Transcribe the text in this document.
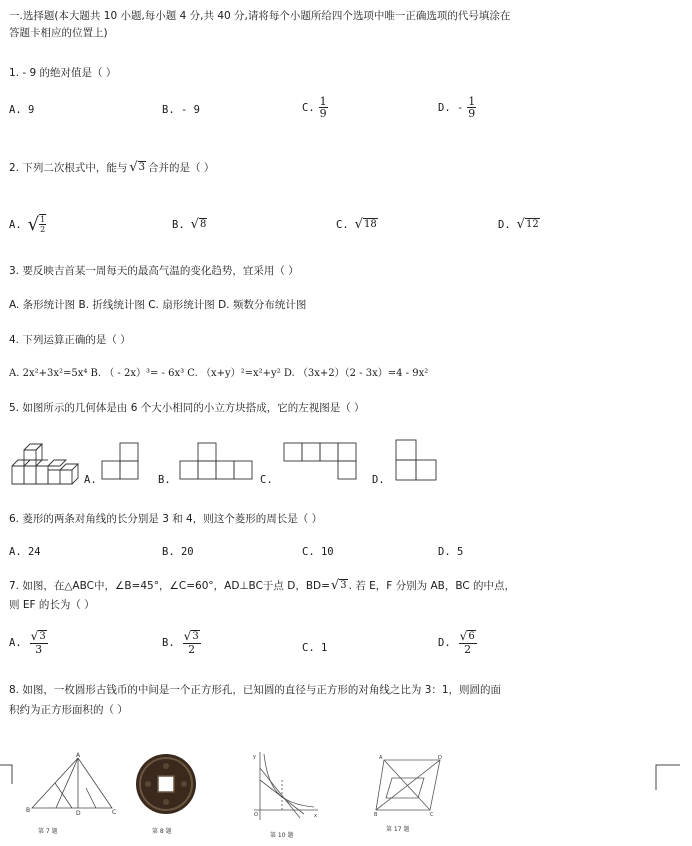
一.选择题(本大题共 10 小题,每小题 4 分,共 40 分,请将每个小题所给四个选项中唯一正确选项的代号填涂在
答题卡相应的位置上)
1. - 9 的绝对值是（ ）
A. 9	B. - 9	C. $\frac{1}{9}$	D. - $\frac{1}{9}$
2. 下列二次根式中，能与 √ 3 合并的是（ ）
A. √ $\frac{1}{2}$	B. √ 8	C. √ 18	D. √ 12
3. 要反映吉首某一周每天的最高气温的变化趋势，宜采用（ ）
A. 条形统计图 B. 折线统计图 C. 扇形统计图 D. 频数分布统计图
4. 下列运算正确的是（ ）
A. 2x²+3x²=5x⁴ B. （ - 2x）³= - 6x³ C. （x+y）²=x²+y² D. （3x+2）（2 - 3x）=4 - 9x²
5. 如图所示的几何体是由 6 个大小相同的小立方块搭成，它的左视图是（ ）
A.	B.	C.	D.
6. 菱形的两条对角线的长分别是 3 和 4，则这个菱形的周长是（ ）
A. 24	B. 20	C. 10	D. 5
7. 如图，在△ABC中，∠B=45°，∠C=60°，AD⊥BC于点 D，BD= √ 3 . 若 E，F 分别为 AB，BC 的中点，
则 EF 的长为（ ）
A. $\frac{√ 3}{3}$	B. $\frac{√ 3}{2}$	C. 1	D. $\frac{√ 6}{2}$
8. 如图，一枚圆形古钱币的中间是一个正方形孔，已知圆的直径与正方形的对角线之比为 3：1，则圆的面
积约为正方形面积的（ ）
A
B	C
D
第 7 题	第 8 题
y
x
O
第 10 题
A	D
B	C
第 17 题
